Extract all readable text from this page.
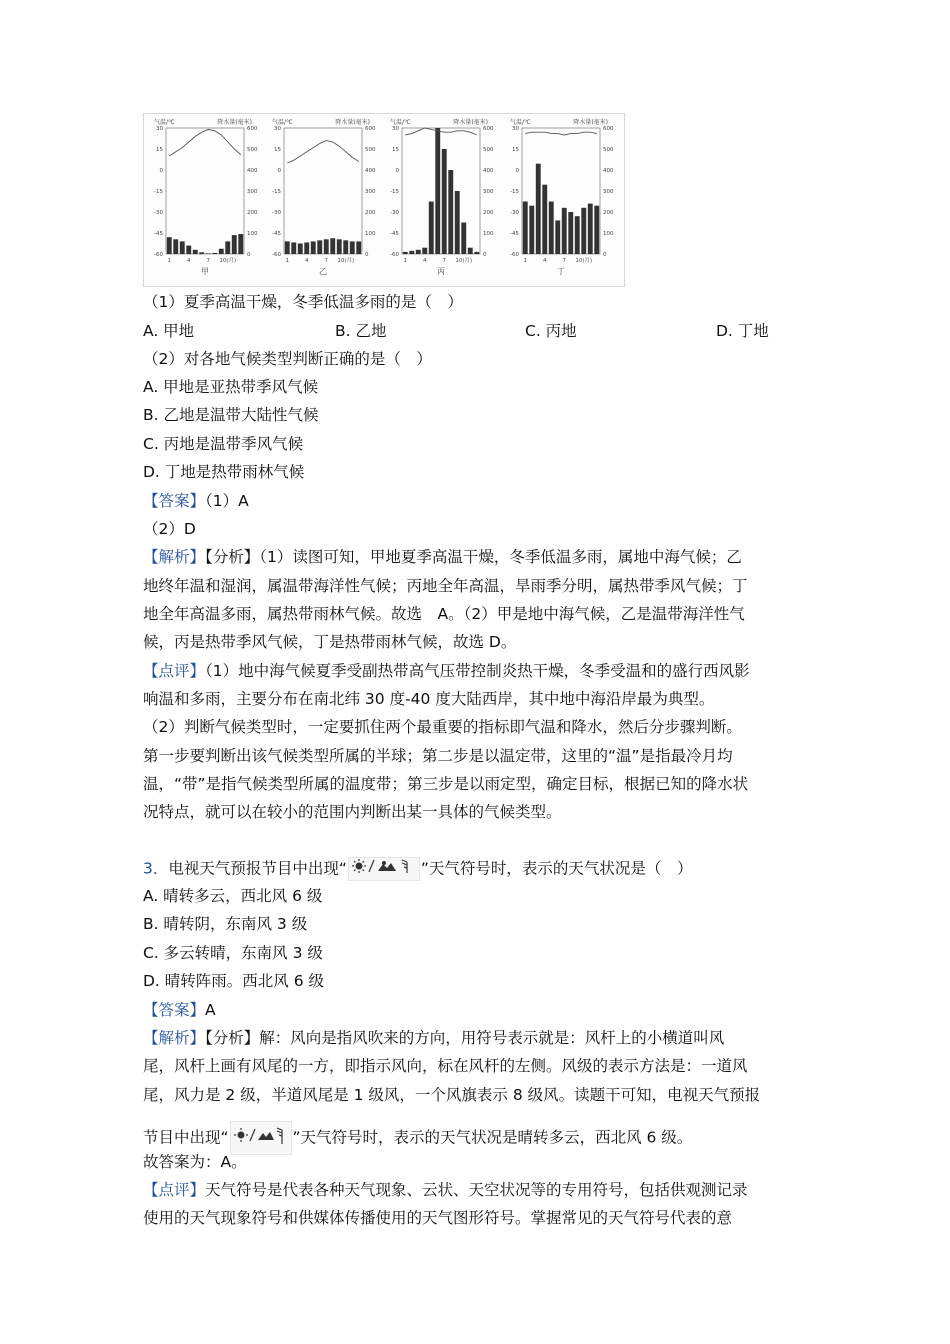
气温/℃	降水量(毫米)
30
15
0
-15
-30
-45
-60
600
500
400
300
200
100
0
1	4	7 10(月)
甲
气温/℃	降水量(毫米)
30
15
0
-15
-30
-45
-60
600
500
400
300
200
100
0
1	4	7 10(月)
乙
气温/℃	降水量(毫米)
30
15
0
-15
-30
-45
-60
600
500
400
300
200
100
0
1	4	7 10(月)
丙
气温/℃	降水量(毫米)
30
15
0
-15
-30
-45
-60
600
500
400
300
200
100
0
1	4	7 10(月)
丁
（1）夏季高温干燥，冬季低温多雨的是（　）
A. 甲地	B. 乙地	C. 丙地	D. 丁地
（2）对各地气候类型判断正确的是（　）
A. 甲地是亚热带季风气候
B. 乙地是温带大陆性气候
C. 丙地是温带季风气候
D. 丁地是热带雨林气候
【答案】（1）A
（2）D
【解析】【分析】（1）读图可知，甲地夏季高温干燥，冬季低温多雨，属地中海气候；乙
地终年温和湿润，属温带海洋性气候；丙地全年高温，旱雨季分明，属热带季风气候；丁
地全年高温多雨，属热带雨林气候。故选　A。（2）甲是地中海气候，乙是温带海洋性气
候，丙是热带季风气候，丁是热带雨林气候，故选 D。
【点评】（1）地中海气候夏季受副热带高气压带控制炎热干燥，冬季受温和的盛行西风影
响温和多雨，主要分布在南北纬 30 度-40 度大陆西岸，其中地中海沿岸最为典型。
（2）判断气候类型时，一定要抓住两个最重要的指标即气温和降水，然后分步骤判断。
第一步要判断出该气候类型所属的半球；第二步是以温定带，这里的“温”是指最冷月均
温，“带”是指气候类型所属的温度带；第三步是以雨定型，确定目标，根据已知的降水状
况特点，就可以在较小的范围内判断出某一具体的气候类型。
3．电视天气预报节目中出现“	”天气符号时，表示的天气状况是（　）
A. 晴转多云，西北风 6 级
B. 晴转阴，东南风 3 级
C. 多云转晴，东南风 3 级
D. 晴转阵雨。西北风 6 级
【答案】A
【解析】【分析】解：风向是指风吹来的方向，用符号表示就是：风杆上的小横道叫风
尾，风杆上画有风尾的一方，即指示风向，标在风杆的左侧。风级的表示方法是：一道风
尾，风力是 2 级，半道风尾是 1 级风，一个风旗表示 8 级风。读题干可知，电视天气预报
节目中出现“	”天气符号时，表示的天气状况是晴转多云，西北风 6 级。
故答案为：A。
【点评】天气符号是代表各种天气现象、云状、天空状况等的专用符号，包括供观测记录
使用的天气现象符号和供媒体传播使用的天气图形符号。掌握常见的天气符号代表的意
